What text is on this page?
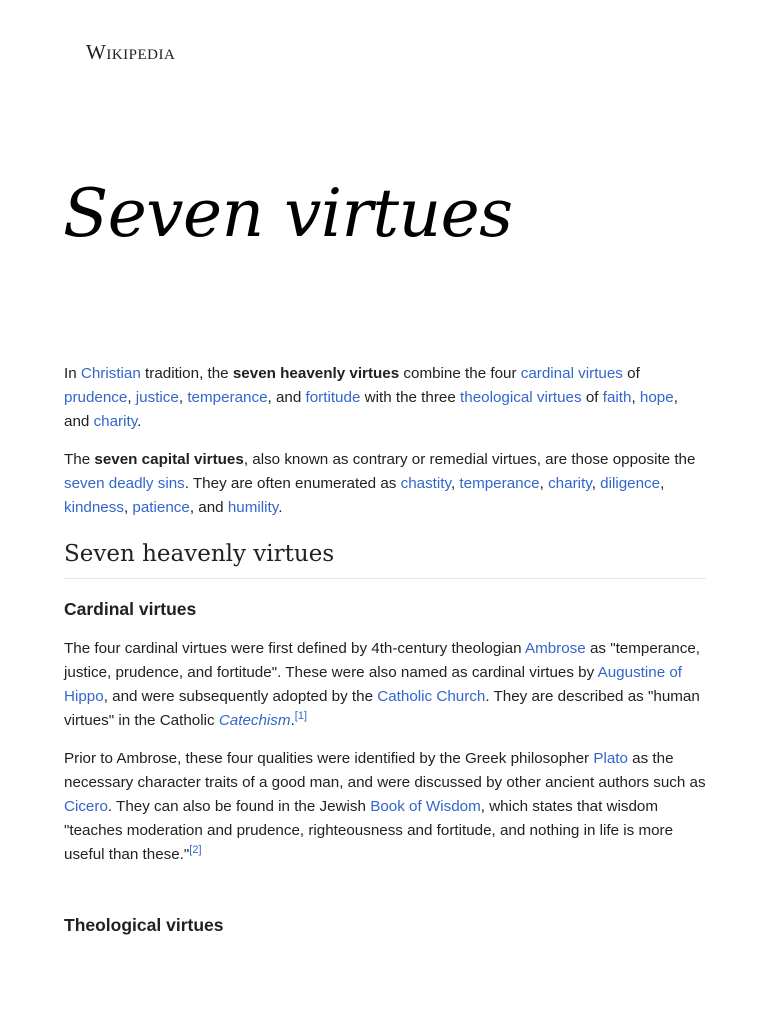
Wikipedia
Seven virtues

In Christian tradition, the seven heavenly virtues combine the four cardinal virtues of prudence, justice, temperance, and fortitude with the three theological virtues of faith, hope, and charity.

The seven capital virtues, also known as contrary or remedial virtues, are those opposite the seven deadly sins. They are often enumerated as chastity, temperance, charity, diligence, kindness, patience, and humility.

Seven heavenly virtues
Cardinal virtues

The four cardinal virtues were first defined by 4th-century theologian Ambrose as "temperance, justice, prudence, and fortitude". These were also named as cardinal virtues by Augustine of Hippo, and were subsequently adopted by the Catholic Church. They are described as "human virtues" in the Catholic Catechism.[1]

Prior to Ambrose, these four qualities were identified by the Greek philosopher Plato as the necessary character traits of a good man, and were discussed by other ancient authors such as Cicero. They can also be found in the Jewish Book of Wisdom, which states that wisdom "teaches moderation and prudence, righteousness and fortitude, and nothing in life is more useful than these."[2]

Theological virtues
